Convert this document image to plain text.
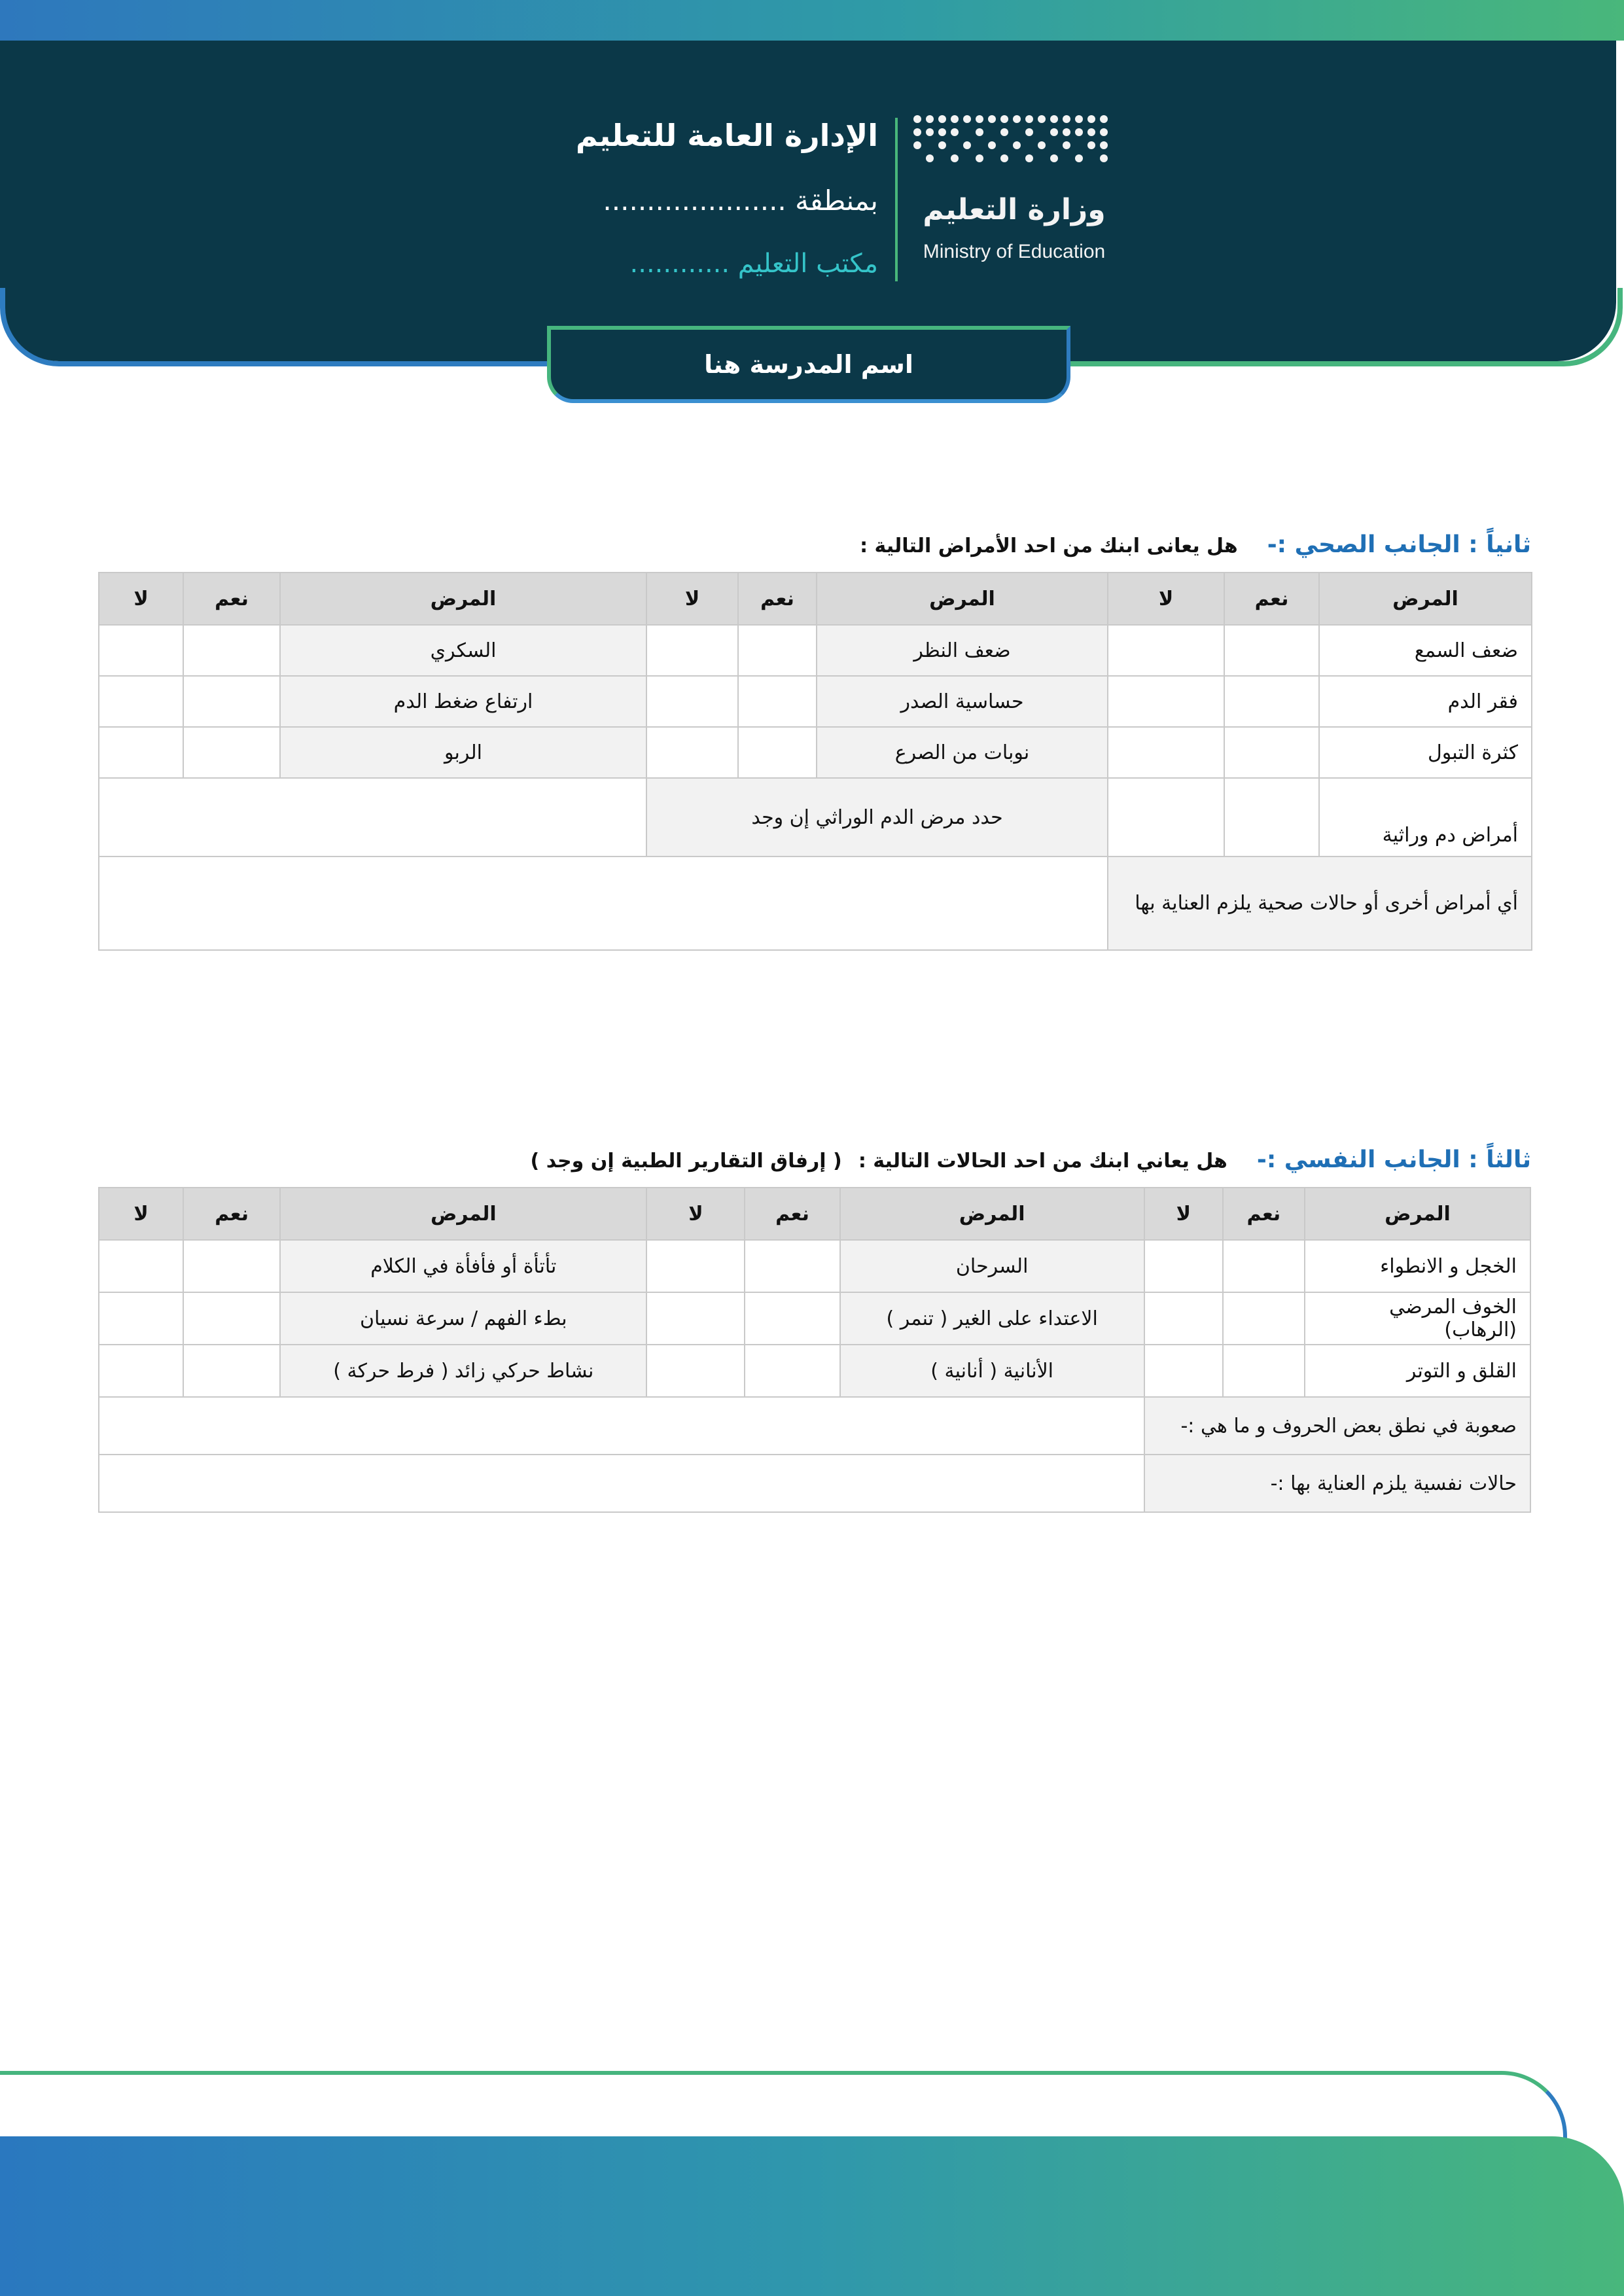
وزارة التعليم
Ministry of Education
الإدارة العامة للتعليم
بمنطقة .....................
مكتب التعليم ............
اسم المدرسة هنا
ثانياً : الجانب الصحي :- هل يعانى ابنك من احد الأمراض التالية :
المرض	نعم	لا	المرض	نعم	لا	المرض	نعم	لا
ضعف السمع			ضعف النظر			السكري		
فقر الدم			حساسية الصدر			ارتفاع ضغط الدم		
كثرة التبول			نوبات من الصرع			الربو		
أمراض دم وراثية			حدد مرض الدم الوراثي إن وجد					
أي أمراض أخرى أو حالات صحية يلزم العناية بها								
ثالثاً : الجانب النفسي :- هل يعاني ابنك من احد الحالات التالية : ( إرفاق التقارير الطبية إن وجد )
المرض	نعم	لا	المرض	نعم	لا	المرض	نعم	لا
الخجل و الانطواء			السرحان			تأتأة أو فأفأة في الكلام		
الخوف المرضي (الرهاب)			الاعتداء على الغير ( تنمر )			بطء الفهم / سرعة نسيان		
القلق و التوتر			الأنانية ( أنانية )			نشاط حركي زائد ( فرط حركة )		
صعوبة في نطق بعض الحروف و ما هي :-								
حالات نفسية يلزم العناية بها :-								
